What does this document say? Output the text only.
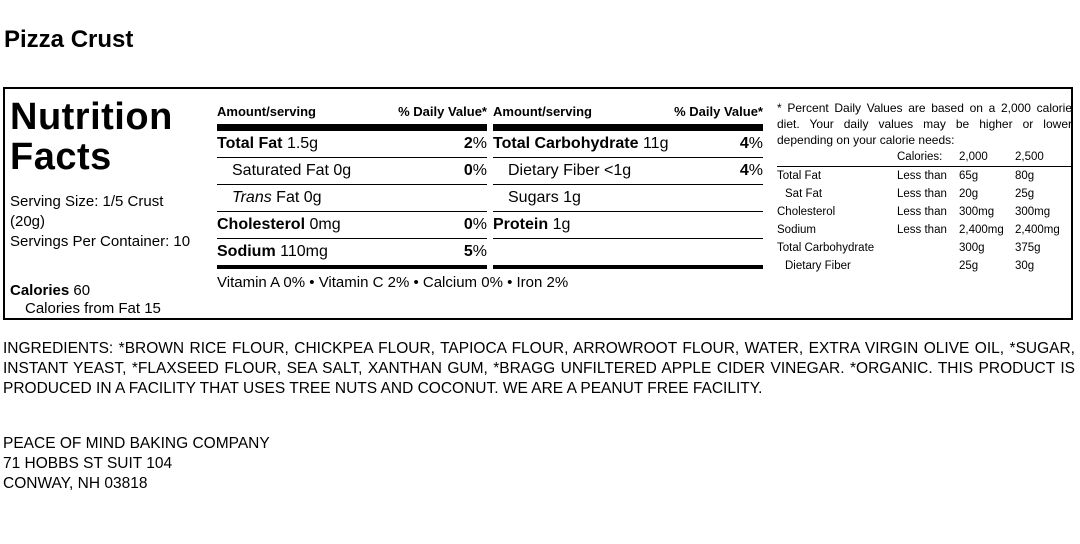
Pizza Crust
Nutrition
Facts
Serving Size: 1/5 Crust (20g)
Servings Per Container: 10
Calories 60
Calories from Fat 15
Amount/serving	% Daily Value*
Total Fat 1.5g	2%
Saturated Fat 0g	0%
Trans Fat 0g
Cholesterol 0mg	0%
Sodium 110mg	5%
Amount/serving	% Daily Value*
Total Carbohydrate 11g	4%
Dietary Fiber <1g	4%
Sugars 1g
Protein 1g

Vitamin A 0% • Vitamin C 2% • Calcium 0% • Iron 2%
* Percent Daily Values are based on a 2,000 calorie diet. Your daily values may be higher or lower depending on your calorie needs:
	Calories:	2,000	2,500
Total Fat	Less than	65g	80g
Sat Fat	Less than	20g	25g
Cholesterol	Less than	300mg	300mg
Sodium	Less than	2,400mg	2,400mg
Total Carbohydrate		300g	375g
Dietary Fiber		25g	30g
INGREDIENTS: *BROWN RICE FLOUR, CHICKPEA FLOUR, TAPIOCA FLOUR, ARROWROOT FLOUR, WATER, EXTRA VIRGIN OLIVE OIL, *SUGAR, INSTANT YEAST, *FLAXSEED FLOUR, SEA SALT, XANTHAN GUM, *BRAGG UNFILTERED APPLE CIDER VINEGAR. *ORGANIC. THIS PRODUCT IS PRODUCED IN A FACILITY THAT USES TREE NUTS AND COCONUT. WE ARE A PEANUT FREE FACILITY.
PEACE OF MIND BAKING COMPANY
71 HOBBS ST SUIT 104
CONWAY, NH 03818
